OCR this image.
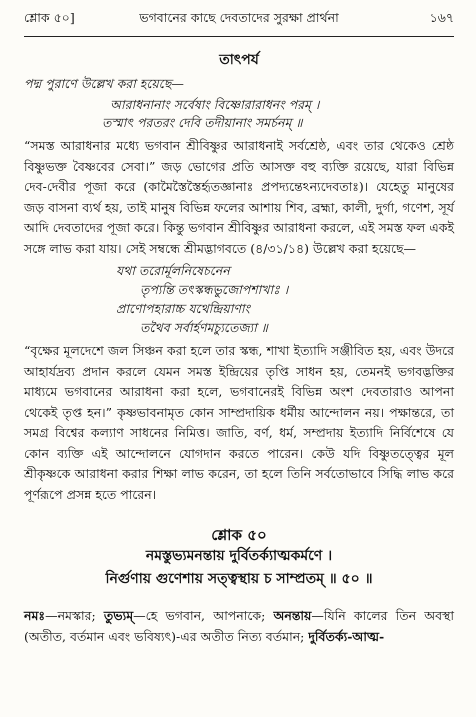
শ্লোক ৫০]	ভগবানের কাছে দেবতাদের সুরক্ষা প্রার্থনা	১৬৭
তাৎপর্য
পদ্ম পুরাণে উল্লেখ করা হয়েছে—
আরাধনানাং সর্বেষাং বিষ্ণোরারাধনং পরম্ ।
তস্মাৎ পরতরং দেবি তদীয়ানাং সমর্চনম্ ॥

“সমস্ত আরাধনার মধ্যে ভগবান শ্রীবিষ্ণুর আরাধনাই সর্বশ্রেষ্ঠ, এবং তার থেকেও শ্রেষ্ঠ বিষ্ণুভক্ত বৈষ্ণবের সেবা।” জড় ভোগের প্রতি আসক্ত বহু ব্যক্তি রয়েছে, যারা বিভিন্ন দেব-দেবীর পূজা করে (কামৈস্তৈস্তৈর্হৃতজ্ঞানাঃ প্রপদ্যন্তেঽন্যদেবতাঃ)। যেহেতু মানুষের জড় বাসনা ব্যর্থ হয়, তাই মানুষ বিভিন্ন ফলের আশায় শিব, ব্রহ্মা, কালী, দুর্গা, গণেশ, সূর্য আদি দেবতাদের পূজা করে। কিন্তু ভগবান শ্রীবিষ্ণুর আরাধনা করলে, এই সমস্ত ফল একই সঙ্গে লাভ করা যায়। সেই সম্বন্ধে শ্রীমদ্ভাগবতে (৪/৩১/১৪) উল্লেখ করা হয়েছে—

যথা তরোর্মূলনিষেচনেন
তৃপ্যন্তি তৎস্কন্ধভুজোপশাখাঃ ।
প্রাণোপহারাচ্চ যথেন্দ্রিয়াণাং
তথৈব সর্বার্হণমচ্যুতেজ্যা ॥

“বৃক্ষের মূলদেশে জল সিঞ্চন করা হলে তার স্কন্ধ, শাখা ইত্যাদি সঞ্জীবিত হয়, এবং উদরে আহার্যদ্রব্য প্রদান করলে যেমন সমস্ত ইন্দ্রিয়ের তৃপ্তি সাধন হয়, তেমনই ভগবদ্ভক্তির মাধ্যমে ভগবানের আরাধনা করা হলে, ভগবানেরই বিভিন্ন অংশ দেবতারাও আপনা থেকেই তৃপ্ত হন।” কৃষ্ণভাবনামৃত কোন সাম্প্রদায়িক ধর্মীয় আন্দোলন নয়। পক্ষান্তরে, তা সমগ্র বিশ্বের কল্যাণ সাধনের নিমিত্ত। জাতি, বর্ণ, ধর্ম, সম্প্রদায় ইত্যাদি নির্বিশেষে যে কোন ব্যক্তি এই আন্দোলনে যোগদান করতে পারেন। কেউ যদি বিষ্ণুতত্ত্বের মূল শ্রীকৃষ্ণকে আরাধনা করার শিক্ষা লাভ করেন, তা হলে তিনি সর্বতোভাবে সিদ্ধি লাভ করে পূর্ণরূপে প্রসন্ন হতে পারেন।

শ্লোক ৫০
নমস্তুভ্যমনন্তায় দুর্বিতর্ক্যাত্মকর্মণে ।
নির্গুণায় গুণেশায় সত্ত্বস্থায় চ সাম্প্রতম্ ॥ ৫০ ॥
নমঃ—নমস্কার; তুভ্যম্—হে ভগবান, আপনাকে; অনন্তায়—যিনি কালের তিন অবস্থা (অতীত, বর্তমান এবং ভবিষ্যৎ)-এর অতীত নিত্য বর্তমান; দুর্বিতর্ক্য-আত্ম-
